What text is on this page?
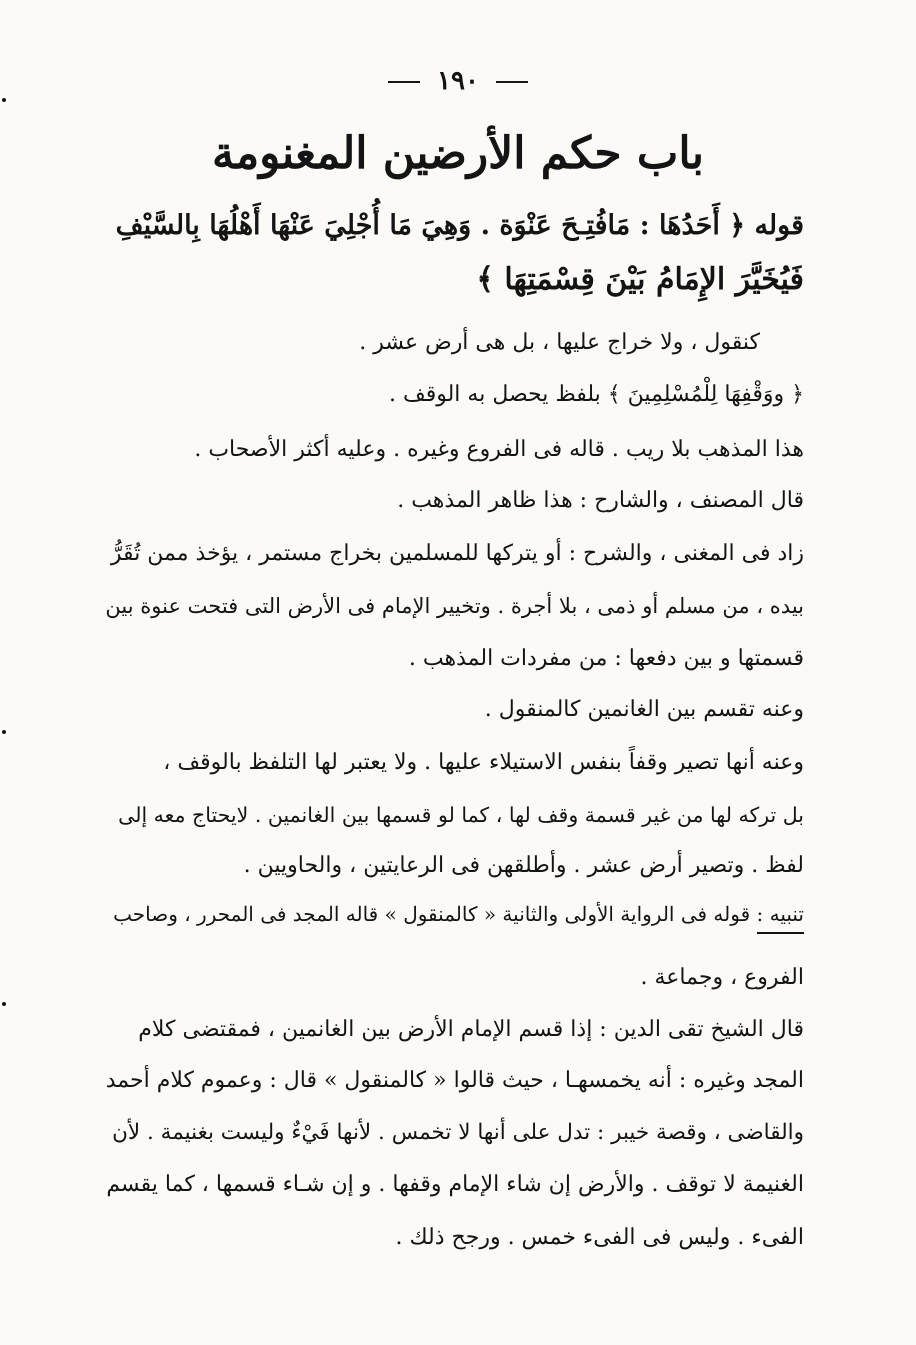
١٩٠
باب حكم الأرضين المغنومة
قوله ﴿ أَحَدُهَا : مَافُتِـحَ عَنْوَة . وَهِيَ مَا أُجْلِيَ عَنْهَا أَهْلُهَا بِالسَّيْفِ
فَيُخَيَّرَ الإِمَامُ بَيْنَ قِسْمَتِهَا ﴾
كنقول ، ولا خراج عليها ، بل هى أرض عشر .
﴿ ووَقْفِهَا لِلْمُسْلِمِينَ ﴾ بلفظ يحصل به الوقف .
هذا المذهب بلا ريب . قاله فى الفروع وغيره . وعليه أكثر الأصحاب .
قال المصنف ، والشارح : هذا ظاهر المذهب .
زاد فى المغنى ، والشرح : أو يتركها للمسلمين بخراج مستمر ، يؤخذ ممن تُقَرُّ
بيده ، من مسلم أو ذمى ، بلا أجرة . وتخيير الإمام فى الأرض التى فتحت عنوة بين
قسمتها و بين دفعها : من مفردات المذهب .
وعنه تقسم بين الغانمين كالمنقول .
وعنه أنها تصير وقفاً بنفس الاستيلاء عليها . ولا يعتبر لها التلفظ بالوقف ،
بل تركه لها من غير قسمة وقف لها ، كما لو قسمها بين الغانمين . لايحتاج معه إلى
لفظ . وتصير أرض عشر . وأطلقهن فى الرعايتين ، والحاويين .
تنبيه : قوله فى الرواية الأولى والثانية « كالمنقول » قاله المجد فى المحرر ، وصاحب
الفروع ، وجماعة .
قال الشيخ تقى الدين : إذا قسم الإمام الأرض بين الغانمين ، فمقتضى كلام
المجد وغيره : أنه يخمسهـا ، حيث قالوا « كالمنقول » قال : وعموم كلام أحمد
والقاضى ، وقصة خيبر : تدل على أنها لا تخمس . لأنها فَيْءٌ وليست بغنيمة . لأن
الغنيمة لا توقف . والأرض إن شاء الإمام وقفها . و إن شـاء قسمها ، كما يقسم
الفىء . وليس فى الفىء خمس . ورجح ذلك .
